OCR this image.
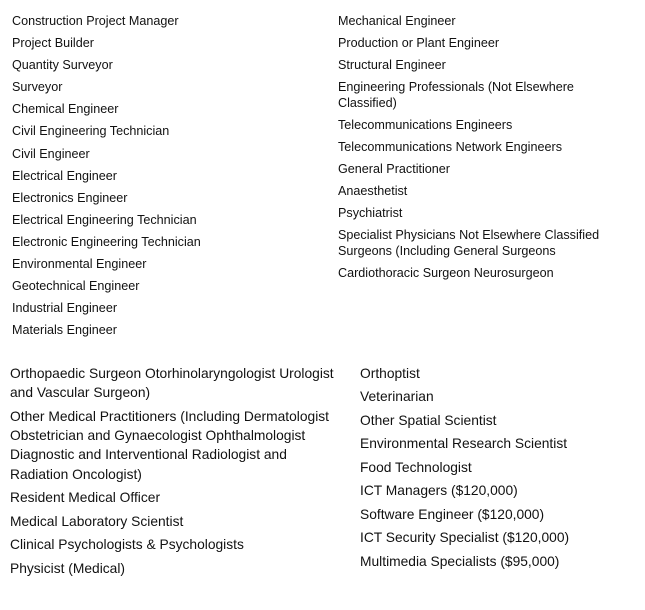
Construction Project Manager
Project Builder
Quantity Surveyor
Surveyor
Chemical Engineer
Civil Engineering Technician
Civil Engineer
Electrical Engineer
Electronics Engineer
Electrical Engineering Technician
Electronic Engineering Technician
Environmental Engineer
Geotechnical Engineer
Industrial Engineer
Materials Engineer
Mechanical Engineer
Production or Plant Engineer
Structural Engineer
Engineering Professionals (Not Elsewhere Classified)
Telecommunications Engineers
Telecommunications Network Engineers
General Practitioner
Anaesthetist
Psychiatrist
Specialist Physicians Not Elsewhere Classified Surgeons (Including General Surgeons
Cardiothoracic Surgeon Neurosurgeon
Orthopaedic Surgeon Otorhinolaryngologist Urologist and Vascular Surgeon)
Other Medical Practitioners (Including Dermatologist Obstetrician and Gynaecologist Ophthalmologist Diagnostic and Interventional Radiologist and Radiation Oncologist)
Resident Medical Officer
Medical Laboratory Scientist
Clinical Psychologists & Psychologists
Physicist (Medical)
Orthoptist
Veterinarian
Other Spatial Scientist
Environmental Research Scientist
Food Technologist
ICT Managers ($120,000)
Software Engineer ($120,000)
ICT Security Specialist ($120,000)
Multimedia Specialists ($95,000)
